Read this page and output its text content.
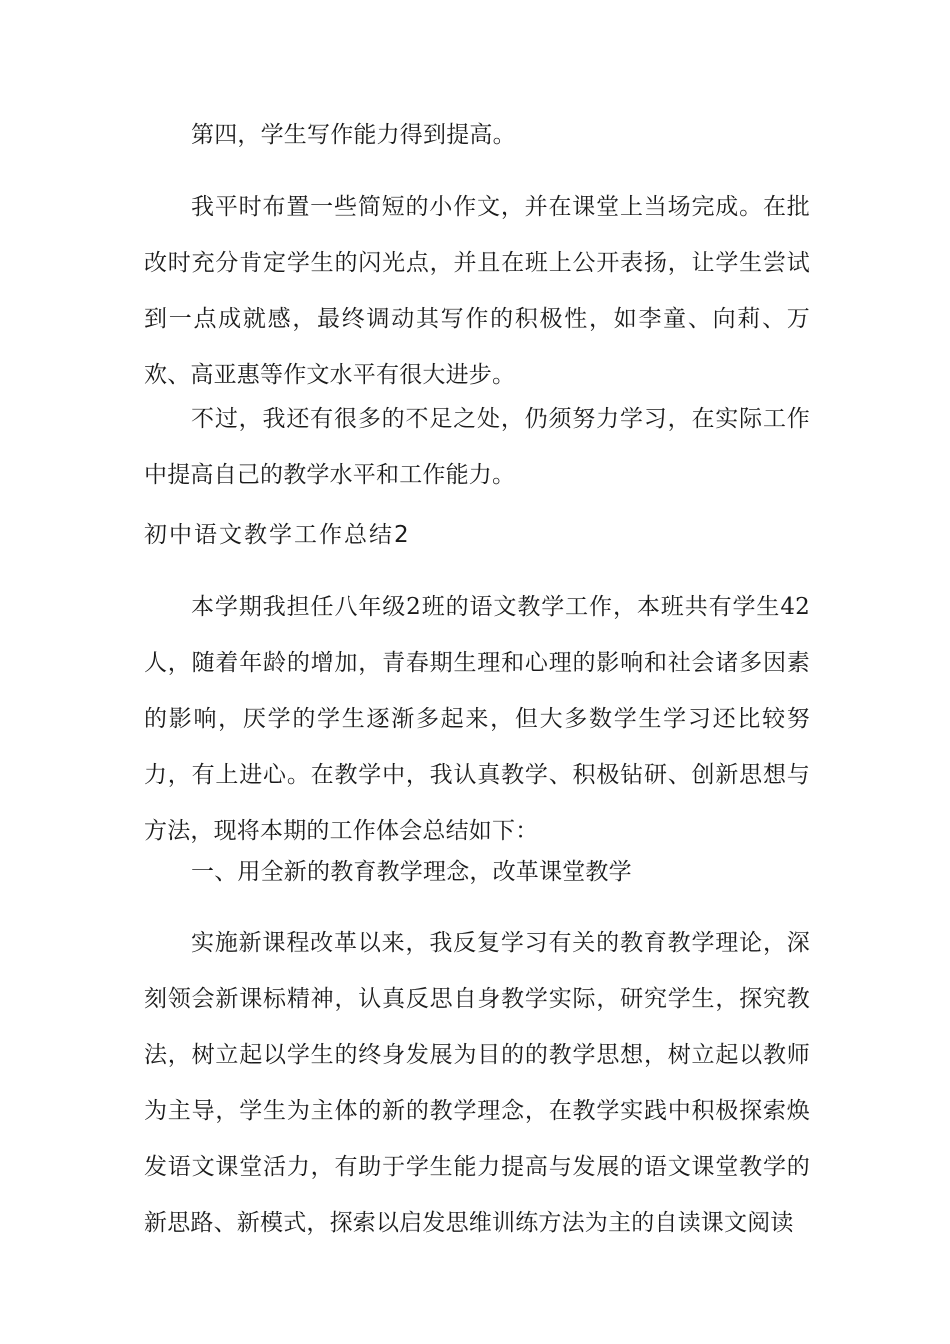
第四，学生写作能力得到提高。

我平时布置一些简短的小作文，并在课堂上当场完成。在批改时充分肯定学生的闪光点，并且在班上公开表扬，让学生尝试到一点成就感，最终调动其写作的积极性，如李童、向莉、万欢、高亚惠等作文水平有很大进步。

不过，我还有很多的不足之处，仍须努力学习，在实际工作中提高自己的教学水平和工作能力。

初中语文教学工作总结2

本学期我担任八年级2班的语文教学工作，本班共有学生42人，随着年龄的增加，青春期生理和心理的影响和社会诸多因素的影响，厌学的学生逐渐多起来，但大多数学生学习还比较努力，有上进心。在教学中，我认真教学、积极钻研、创新思想与方法，现将本期的工作体会总结如下：

一、用全新的教育教学理念，改革课堂教学

实施新课程改革以来，我反复学习有关的教育教学理论，深刻领会新课标精神，认真反思自身教学实际，研究学生，探究教法，树立起以学生的终身发展为目的的教学思想，树立起以教师为主导，学生为主体的新的教学理念，在教学实践中积极探索焕发语文课堂活力，有助于学生能力提高与发展的语文课堂教学的新思路、新模式，探索以启发思维训练方法为主的自读课文阅读
